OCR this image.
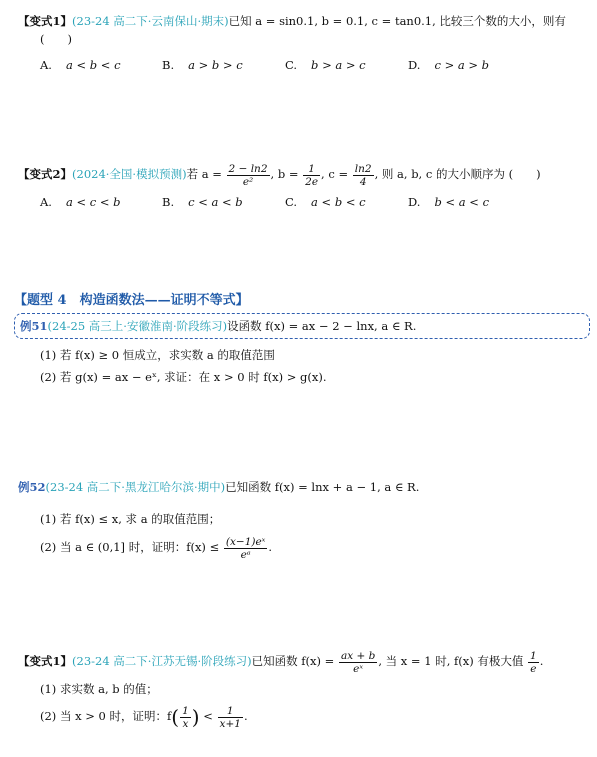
【变式1】(23-24 高二下·云南保山·期末)已知 a = sin0.1, b = 0.1, c = tan0.1, 比较三个数的大小，则有
(　　)
A. a < b < c	B. a > b > c	C. b > a > c	D. c > a > b
【变式2】(2024·全国·模拟预测)若 $a = \frac{2 - \ln 2}{\text{e²}}$ , $b = \frac{1}{2e}$ , $c = \frac{\ln 2}{4}$ , 则 a, b, c 的大小顺序为 (　　)
A. a < c < b	B. c < a < b	C. a < b < c	D. b < a < c
【题型 4　构造函数法——证明不等式】
例51(24-25 高三上·安徽淮南·阶段练习)设函数 f(x) = ax − 2 − lnx, a ∈ R.
(1) 若 f(x) ≥ 0 恒成立，求实数 a 的取值范围
(2) 若 g(x) = ax − eˣ, 求证：在 x > 0 时 f(x) > g(x).
例52(23-24 高二下·黑龙江哈尔滨·期中)已知函数 f(x) = lnx + a − 1, a ∈ R.
(1) 若 f(x) ≤ x, 求 a 的取值范围；
(2) 当 a ∈ (0,1] 时，证明：$f(x) \le \frac{\text{(x−1)eˣ}}{\text{eᵃ}}$ .
【变式1】(23-24 高二下·江苏无锡·阶段练习)已知函数 $f(x) = \frac{ax + b}{\text{eˣ}}$ , 当 x = 1 时, f(x) 有极大值 $\frac{1}{e}$ .
(1) 求实数 a, b 的值；
(2) 当 x > 0 时，证明：$f( \frac{1}{x}$ ) < $\frac{1}{x+1}$ .
